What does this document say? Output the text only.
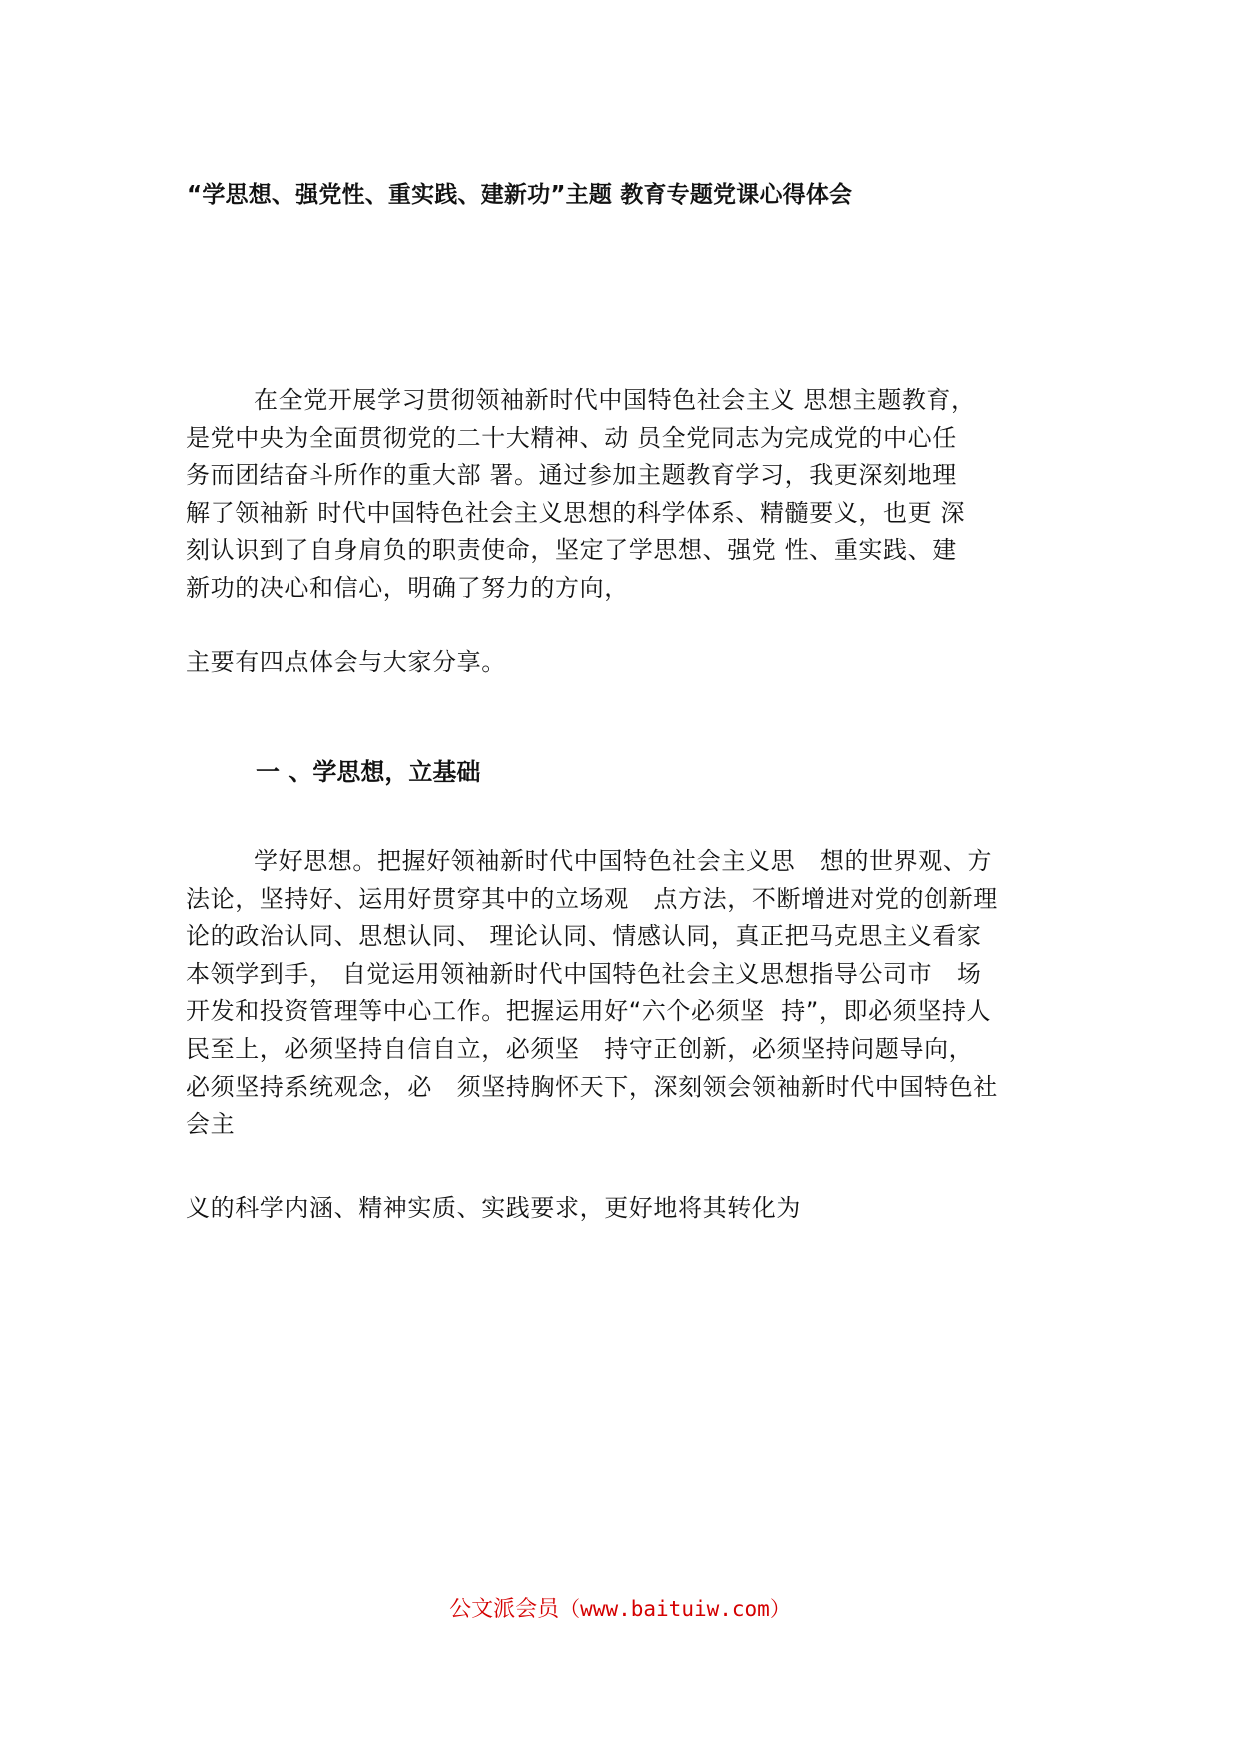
“学思想、强党性、重实践、建新功”主题 教育专题党课心得体会
在全党开展学习贯彻领袖新时代中国特色社会主义 思想主题教育，
是党中央为全面贯彻党的二十大精神、动 员全党同志为完成党的中心任
务而团结奋斗所作的重大部 署。通过参加主题教育学习，我更深刻地理
解了领袖新 时代中国特色社会主义思想的科学体系、精髓要义，也更 深
刻认识到了自身肩负的职责使命，坚定了学思想、强党 性、重实践、建
新功的决心和信心，明确了努力的方向，
主要有四点体会与大家分享。
一 、学思想，立基础
学好思想。把握好领袖新时代中国特色社会主义思   想的世界观、方
法论，坚持好、运用好贯穿其中的立场观   点方法，不断增进对党的创新理
论的政治认同、思想认同、 理论认同、情感认同，真正把马克思主义看家
本领学到手， 自觉运用领袖新时代中国特色社会主义思想指导公司市   场
开发和投资管理等中心工作。把握运用好“六个必须坚  持”，即必须坚持人
民至上，必须坚持自信自立，必须坚   持守正创新，必须坚持问题导向，
必须坚持系统观念，必   须坚持胸怀天下，深刻领会领袖新时代中国特色社
会主
义的科学内涵、精神实质、实践要求，更好地将其转化为
公文派会员（www.baituiw.com）
